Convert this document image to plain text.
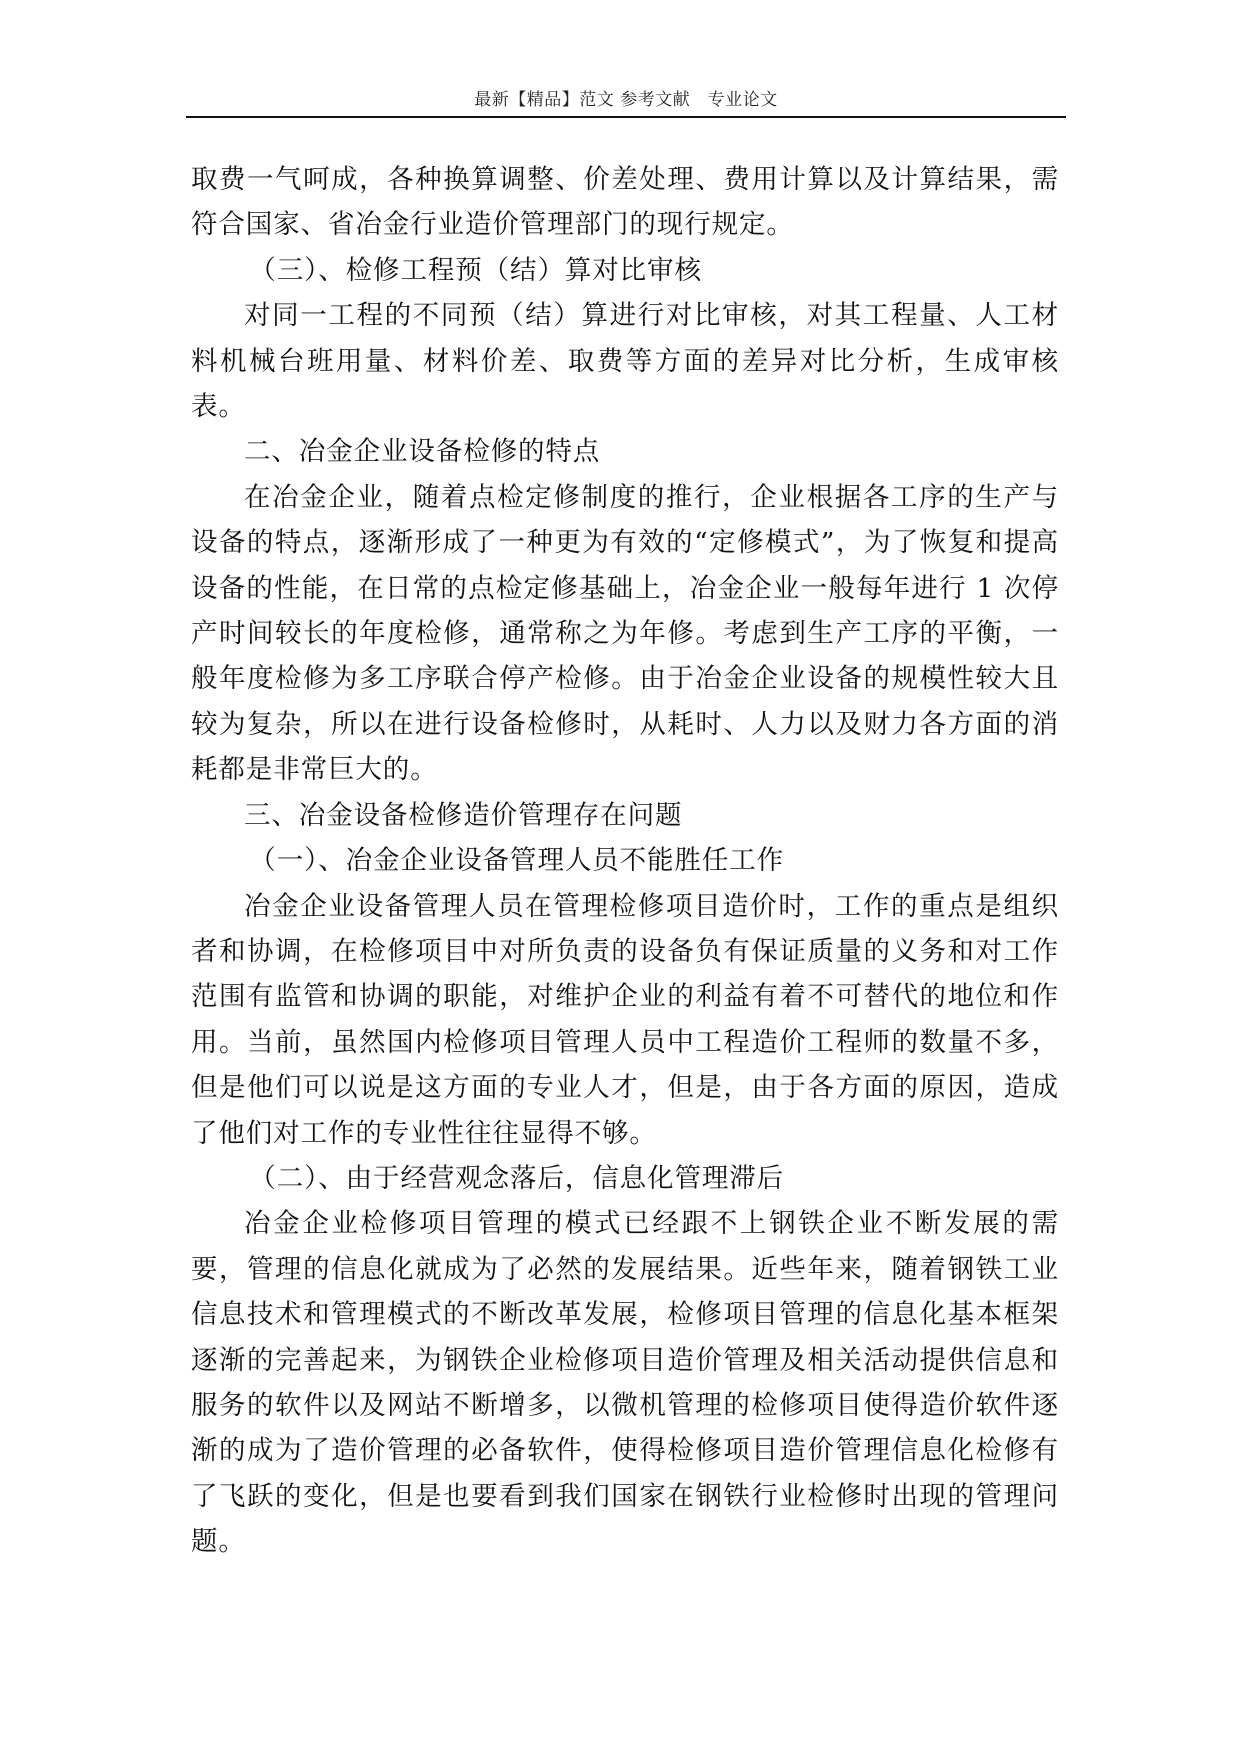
最新【精品】范文 参考文献　专业论文

取费一气呵成，各种换算调整、价差处理、费用计算以及计算结果，需符合国家、省冶金行业造价管理部门的现行规定。

（三）、检修工程预（结）算对比审核

对同一工程的不同预（结）算进行对比审核，对其工程量、人工材料机械台班用量、材料价差、取费等方面的差异对比分析，生成审核表。

二、冶金企业设备检修的特点

在冶金企业，随着点检定修制度的推行，企业根据各工序的生产与设备的特点，逐渐形成了一种更为有效的“定修模式”，为了恢复和提高设备的性能，在日常的点检定修基础上，冶金企业一般每年进行 1 次停产时间较长的年度检修，通常称之为年修。考虑到生产工序的平衡，一般年度检修为多工序联合停产检修。由于冶金企业设备的规模性较大且较为复杂，所以在进行设备检修时，从耗时、人力以及财力各方面的消耗都是非常巨大的。

三、冶金设备检修造价管理存在问题

（一）、冶金企业设备管理人员不能胜任工作

冶金企业设备管理人员在管理检修项目造价时，工作的重点是组织者和协调，在检修项目中对所负责的设备负有保证质量的义务和对工作范围有监管和协调的职能，对维护企业的利益有着不可替代的地位和作用。当前，虽然国内检修项目管理人员中工程造价工程师的数量不多，但是他们可以说是这方面的专业人才，但是，由于各方面的原因，造成了他们对工作的专业性往往显得不够。

（二）、由于经营观念落后，信息化管理滞后

冶金企业检修项目管理的模式已经跟不上钢铁企业不断发展的需要，管理的信息化就成为了必然的发展结果。近些年来，随着钢铁工业信息技术和管理模式的不断改革发展，检修项目管理的信息化基本框架逐渐的完善起来，为钢铁企业检修项目造价管理及相关活动提供信息和服务的软件以及网站不断增多，以微机管理的检修项目使得造价软件逐渐的成为了造价管理的必备软件，使得检修项目造价管理信息化检修有了飞跃的变化，但是也要看到我们国家在钢铁行业检修时出现的管理问题。
